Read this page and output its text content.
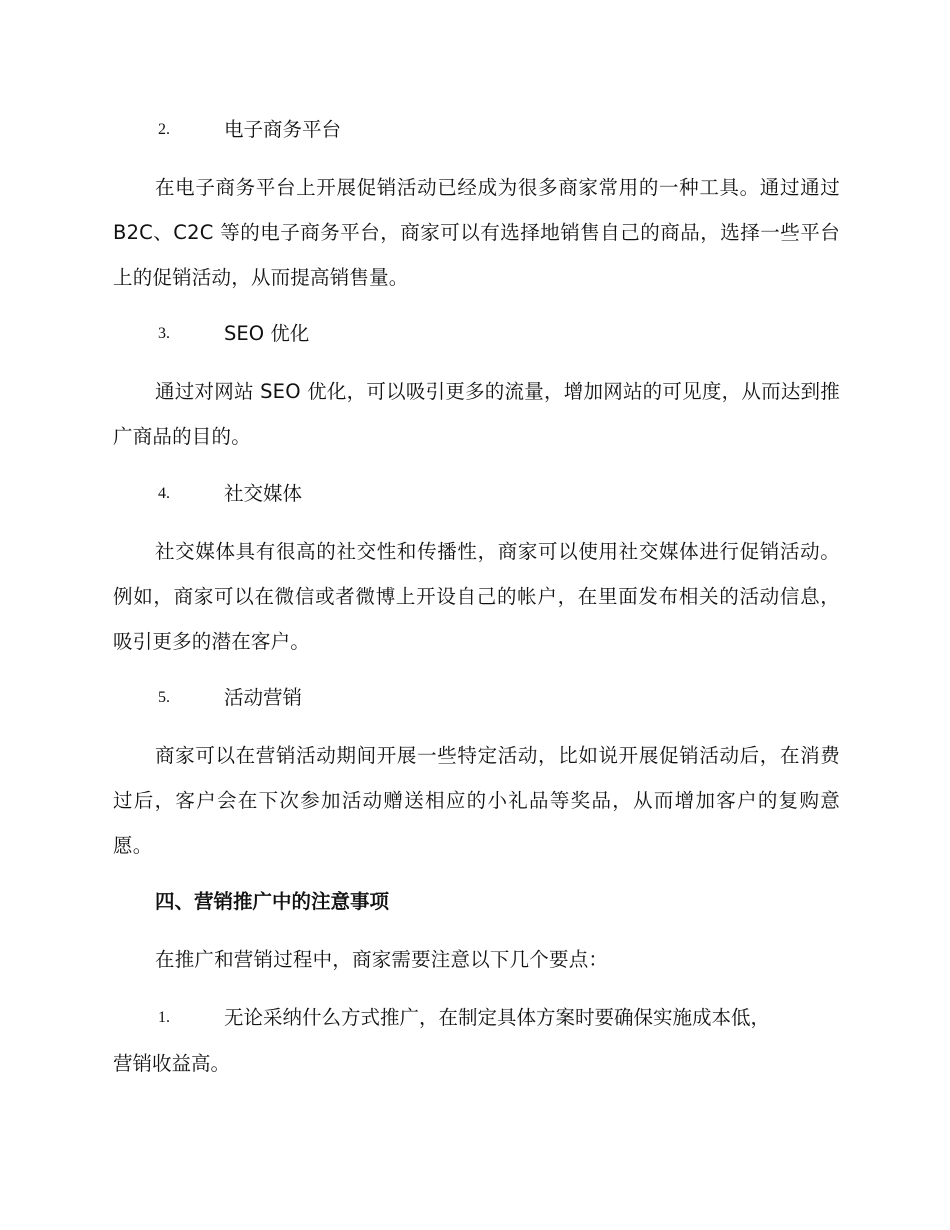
2.	电子商务平台
在电子商务平台上开展促销活动已经成为很多商家常用的一种工具。通过通过 B2C、C2C 等的电子商务平台，商家可以有选择地销售自己的商品，选择一些平台上的促销活动，从而提高销售量。
3.	SEO 优化
通过对网站 SEO 优化，可以吸引更多的流量，增加网站的可见度，从而达到推广商品的目的。
4.	社交媒体
社交媒体具有很高的社交性和传播性，商家可以使用社交媒体进行促销活动。例如，商家可以在微信或者微博上开设自己的帐户，在里面发布相关的活动信息，吸引更多的潜在客户。
5.	活动营销
商家可以在营销活动期间开展一些特定活动，比如说开展促销活动后，在消费过后，客户会在下次参加活动赠送相应的小礼品等奖品，从而增加客户的复购意愿。
四、营销推广中的注意事项
在推广和营销过程中，商家需要注意以下几个要点：
1.	无论采纳什么方式推广，在制定具体方案时要确保实施成本低，
营销收益高。
